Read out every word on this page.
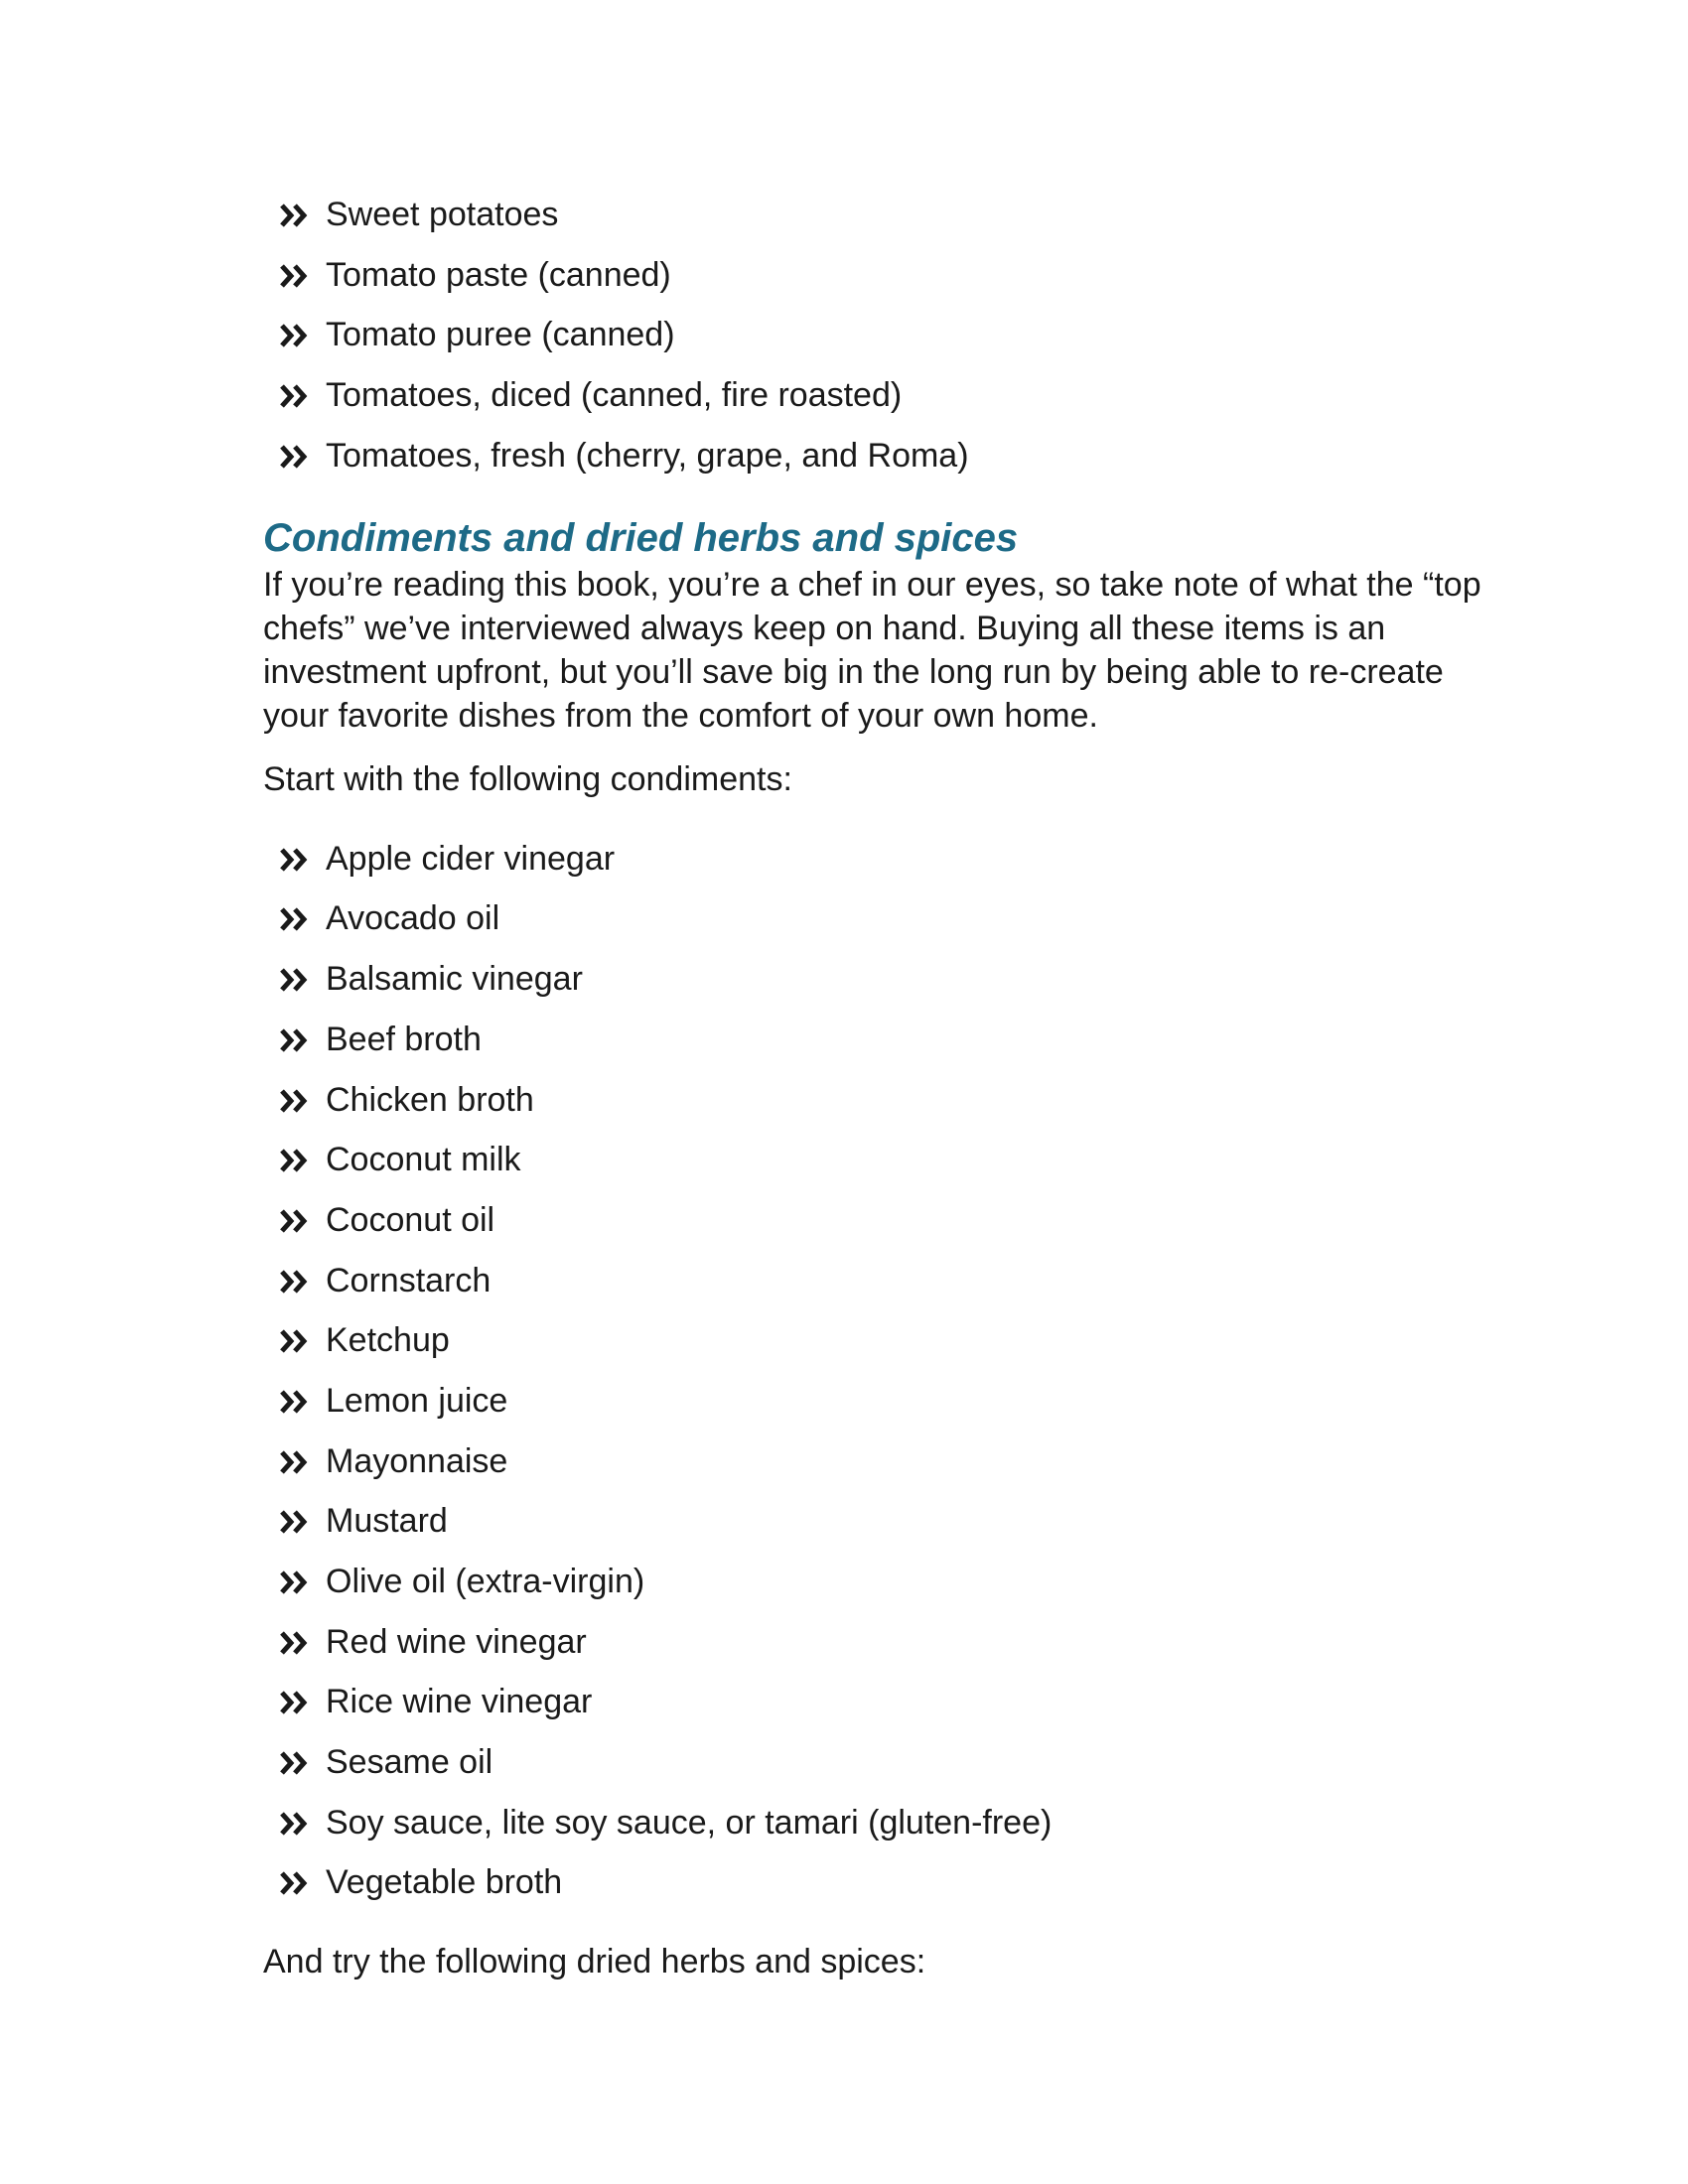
Sweet potatoes
Tomato paste (canned)
Tomato puree (canned)
Tomatoes, diced (canned, fire roasted)
Tomatoes, fresh (cherry, grape, and Roma)
Condiments and dried herbs and spices

If you’re reading this book, you’re a chef in our eyes, so take note of what the “top chefs” we’ve interviewed always keep on hand. Buying all these items is an investment upfront, but you’ll save big in the long run by being able to re-create your favorite dishes from the comfort of your own home.

Start with the following condiments:

Apple cider vinegar
Avocado oil
Balsamic vinegar
Beef broth
Chicken broth
Coconut milk
Coconut oil
Cornstarch
Ketchup
Lemon juice
Mayonnaise
Mustard
Olive oil (extra-virgin)
Red wine vinegar
Rice wine vinegar
Sesame oil
Soy sauce, lite soy sauce, or tamari (gluten-free)
Vegetable broth

And try the following dried herbs and spices:
